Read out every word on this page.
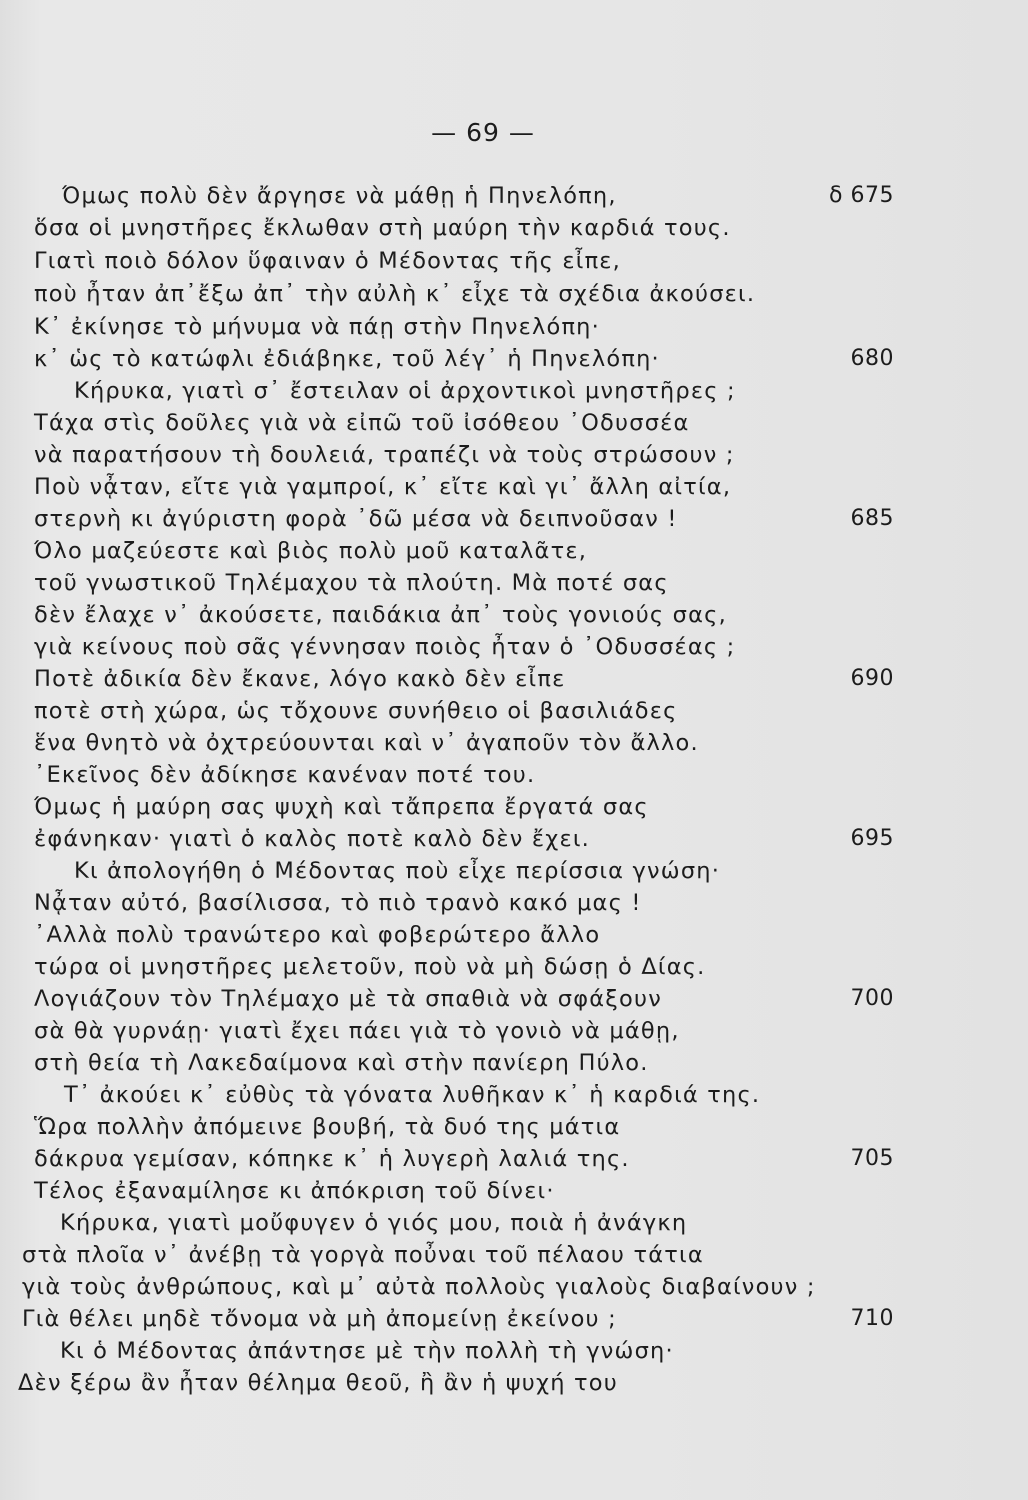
— 69 —
Όμως πολὺ δὲν ἄργησε νὰ μάθῃ ἡ Πηνελόπη,	δ 675
ὅσα οἱ μνηστῆρες ἔκλωθαν στὴ μαύρη τὴν καρδιά τους.
Γιατὶ ποιὸ δόλον ὕφαιναν ὁ Μέδοντας τῆς εἶπε,
ποὺ ἦταν ἀπ᾽ἔξω ἀπ᾽ τὴν αὐλὴ κ᾽ εἶχε τὰ σχέδια ἀκούσει.
Κ᾽ ἐκίνησε τὸ μήνυμα νὰ πάῃ στὴν Πηνελόπη·
κ᾽ ὡς τὸ κατώφλι ἐδιάβηκε, τοῦ λέγ᾽ ἡ Πηνελόπη·	680
Κήρυκα, γιατὶ σ᾽ ἔστειλαν οἱ ἀρχοντικοὶ μνηστῆρες ;
Τάχα στὶς δοῦλες γιὰ νὰ εἰπῶ τοῦ ἰσόθεου ᾽Οδυσσέα
νὰ παρατήσουν τὴ δουλειά, τραπέζι νὰ τοὺς στρώσουν ;
Ποὺ νᾆταν, εἴτε γιὰ γαμπροί, κ᾽ εἴτε καὶ γι᾽ ἄλλη αἰτία,
στερνὴ κι ἀγύριστη φορὰ ᾽δῶ μέσα νὰ δειπνοῦσαν !	685
Όλο μαζεύεστε καὶ βιὸς πολὺ μοῦ καταλᾶτε,
τοῦ γνωστικοῦ Τηλέμαχου τὰ πλούτη. Μὰ ποτέ σας
δὲν ἔλαχε ν᾽ ἀκούσετε, παιδάκια ἀπ᾽ τοὺς γονιούς σας,
γιὰ κείνους ποὺ σᾶς γέννησαν ποιὸς ἦταν ὁ ᾽Οδυσσέας ;
Ποτὲ ἀδικία δὲν ἔκανε, λόγο κακὸ δὲν εἶπε	690
ποτὲ στὴ χώρα, ὡς τὄχουνε συνήθειο οἱ βασιλιάδες
ἕνα θνητὸ νὰ ὀχτρεύουνται καὶ ν᾽ ἀγαποῦν τὸν ἄλλο.
᾽Εκεῖνος δὲν ἀδίκησε κανέναν ποτέ του.
Όμως ἡ μαύρη σας ψυχὴ καὶ τἄπρεπα ἔργατά σας
ἐφάνηκαν· γιατὶ ὁ καλὸς ποτὲ καλὸ δὲν ἔχει.	695
Κι ἀπολογήθη ὁ Μέδοντας ποὺ εἶχε περίσσια γνώση·
Νᾆταν αὐτό, βασίλισσα, τὸ πιὸ τρανὸ κακό μας !
᾽Αλλὰ πολὺ τρανώτερο καὶ φοβερώτερο ἄλλο
τώρα οἱ μνηστῆρες μελετοῦν, ποὺ νὰ μὴ δώσῃ ὁ Δίας.
Λογιάζουν τὸν Τηλέμαχο μὲ τὰ σπαθιὰ νὰ σφάξουν	700
σὰ θὰ γυρνάῃ· γιατὶ ἔχει πάει γιὰ τὸ γονιὸ νὰ μάθῃ,
στὴ θεία τὴ Λακεδαίμονα καὶ στὴν πανίερη Πύλο.
Τ᾽ ἀκούει κ᾽ εὐθὺς τὰ γόνατα λυθῆκαν κ᾽ ἡ καρδιά της.
Ὥρα πολλὴν ἀπόμεινε βουβή, τὰ δυό της μάτια
δάκρυα γεμίσαν, κόπηκε κ᾽ ἡ λυγερὴ λαλιά της.	705
Τέλος ἐξαναμίλησε κι ἀπόκριση τοῦ δίνει·
Κήρυκα, γιατὶ μοὔφυγεν ὁ γιός μου, ποιὰ ἡ ἀνάγκη
στὰ πλοῖα ν᾽ ἀνέβῃ τὰ γοργὰ ποὖναι τοῦ πέλαου τάτια
γιὰ τοὺς ἀνθρώπους, καὶ μ᾽ αὐτὰ πολλοὺς γιαλοὺς διαβαίνουν ;
Γιὰ θέλει μηδὲ τὄνομα νὰ μὴ ἀπομείνῃ ἐκείνου ;	710
Κι ὁ Μέδοντας ἀπάντησε μὲ τὴν πολλὴ τὴ γνώση·
Δὲν ξέρω ἂν ἦταν θέλημα θεοῦ, ἢ ἂν ἡ ψυχή του
